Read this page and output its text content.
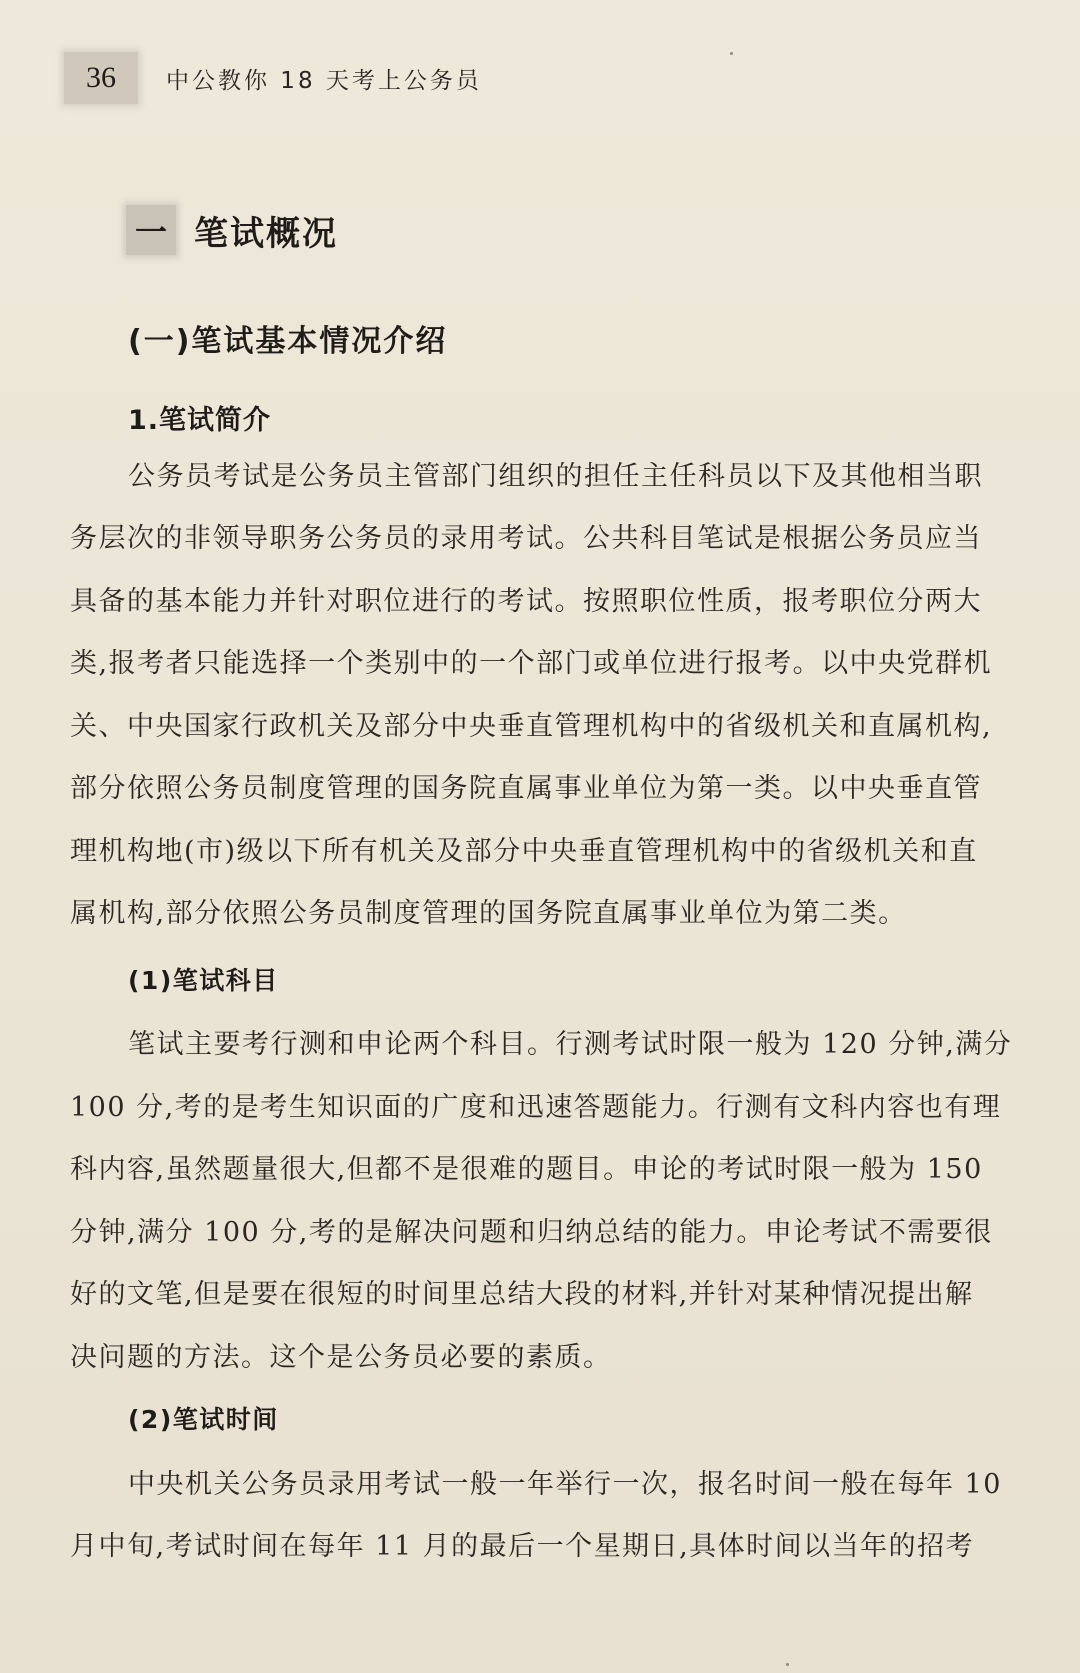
36	中公教你 18 天考上公务员
一 笔试概况
(一)笔试基本情况介绍
1.笔试简介
公务员考试是公务员主管部门组织的担任主任科员以下及其他相当职
务层次的非领导职务公务员的录用考试。公共科目笔试是根据公务员应当
具备的基本能力并针对职位进行的考试。按照职位性质，报考职位分两大
类,报考者只能选择一个类别中的一个部门或单位进行报考。以中央党群机
关、中央国家行政机关及部分中央垂直管理机构中的省级机关和直属机构,
部分依照公务员制度管理的国务院直属事业单位为第一类。以中央垂直管
理机构地(市)级以下所有机关及部分中央垂直管理机构中的省级机关和直
属机构,部分依照公务员制度管理的国务院直属事业单位为第二类。
(1)笔试科目
笔试主要考行测和申论两个科目。行测考试时限一般为 120 分钟,满分
100 分,考的是考生知识面的广度和迅速答题能力。行测有文科内容也有理
科内容,虽然题量很大,但都不是很难的题目。申论的考试时限一般为 150
分钟,满分 100 分,考的是解决问题和归纳总结的能力。申论考试不需要很
好的文笔,但是要在很短的时间里总结大段的材料,并针对某种情况提出解
决问题的方法。这个是公务员必要的素质。
(2)笔试时间
中央机关公务员录用考试一般一年举行一次，报名时间一般在每年 10
月中旬,考试时间在每年 11 月的最后一个星期日,具体时间以当年的招考
